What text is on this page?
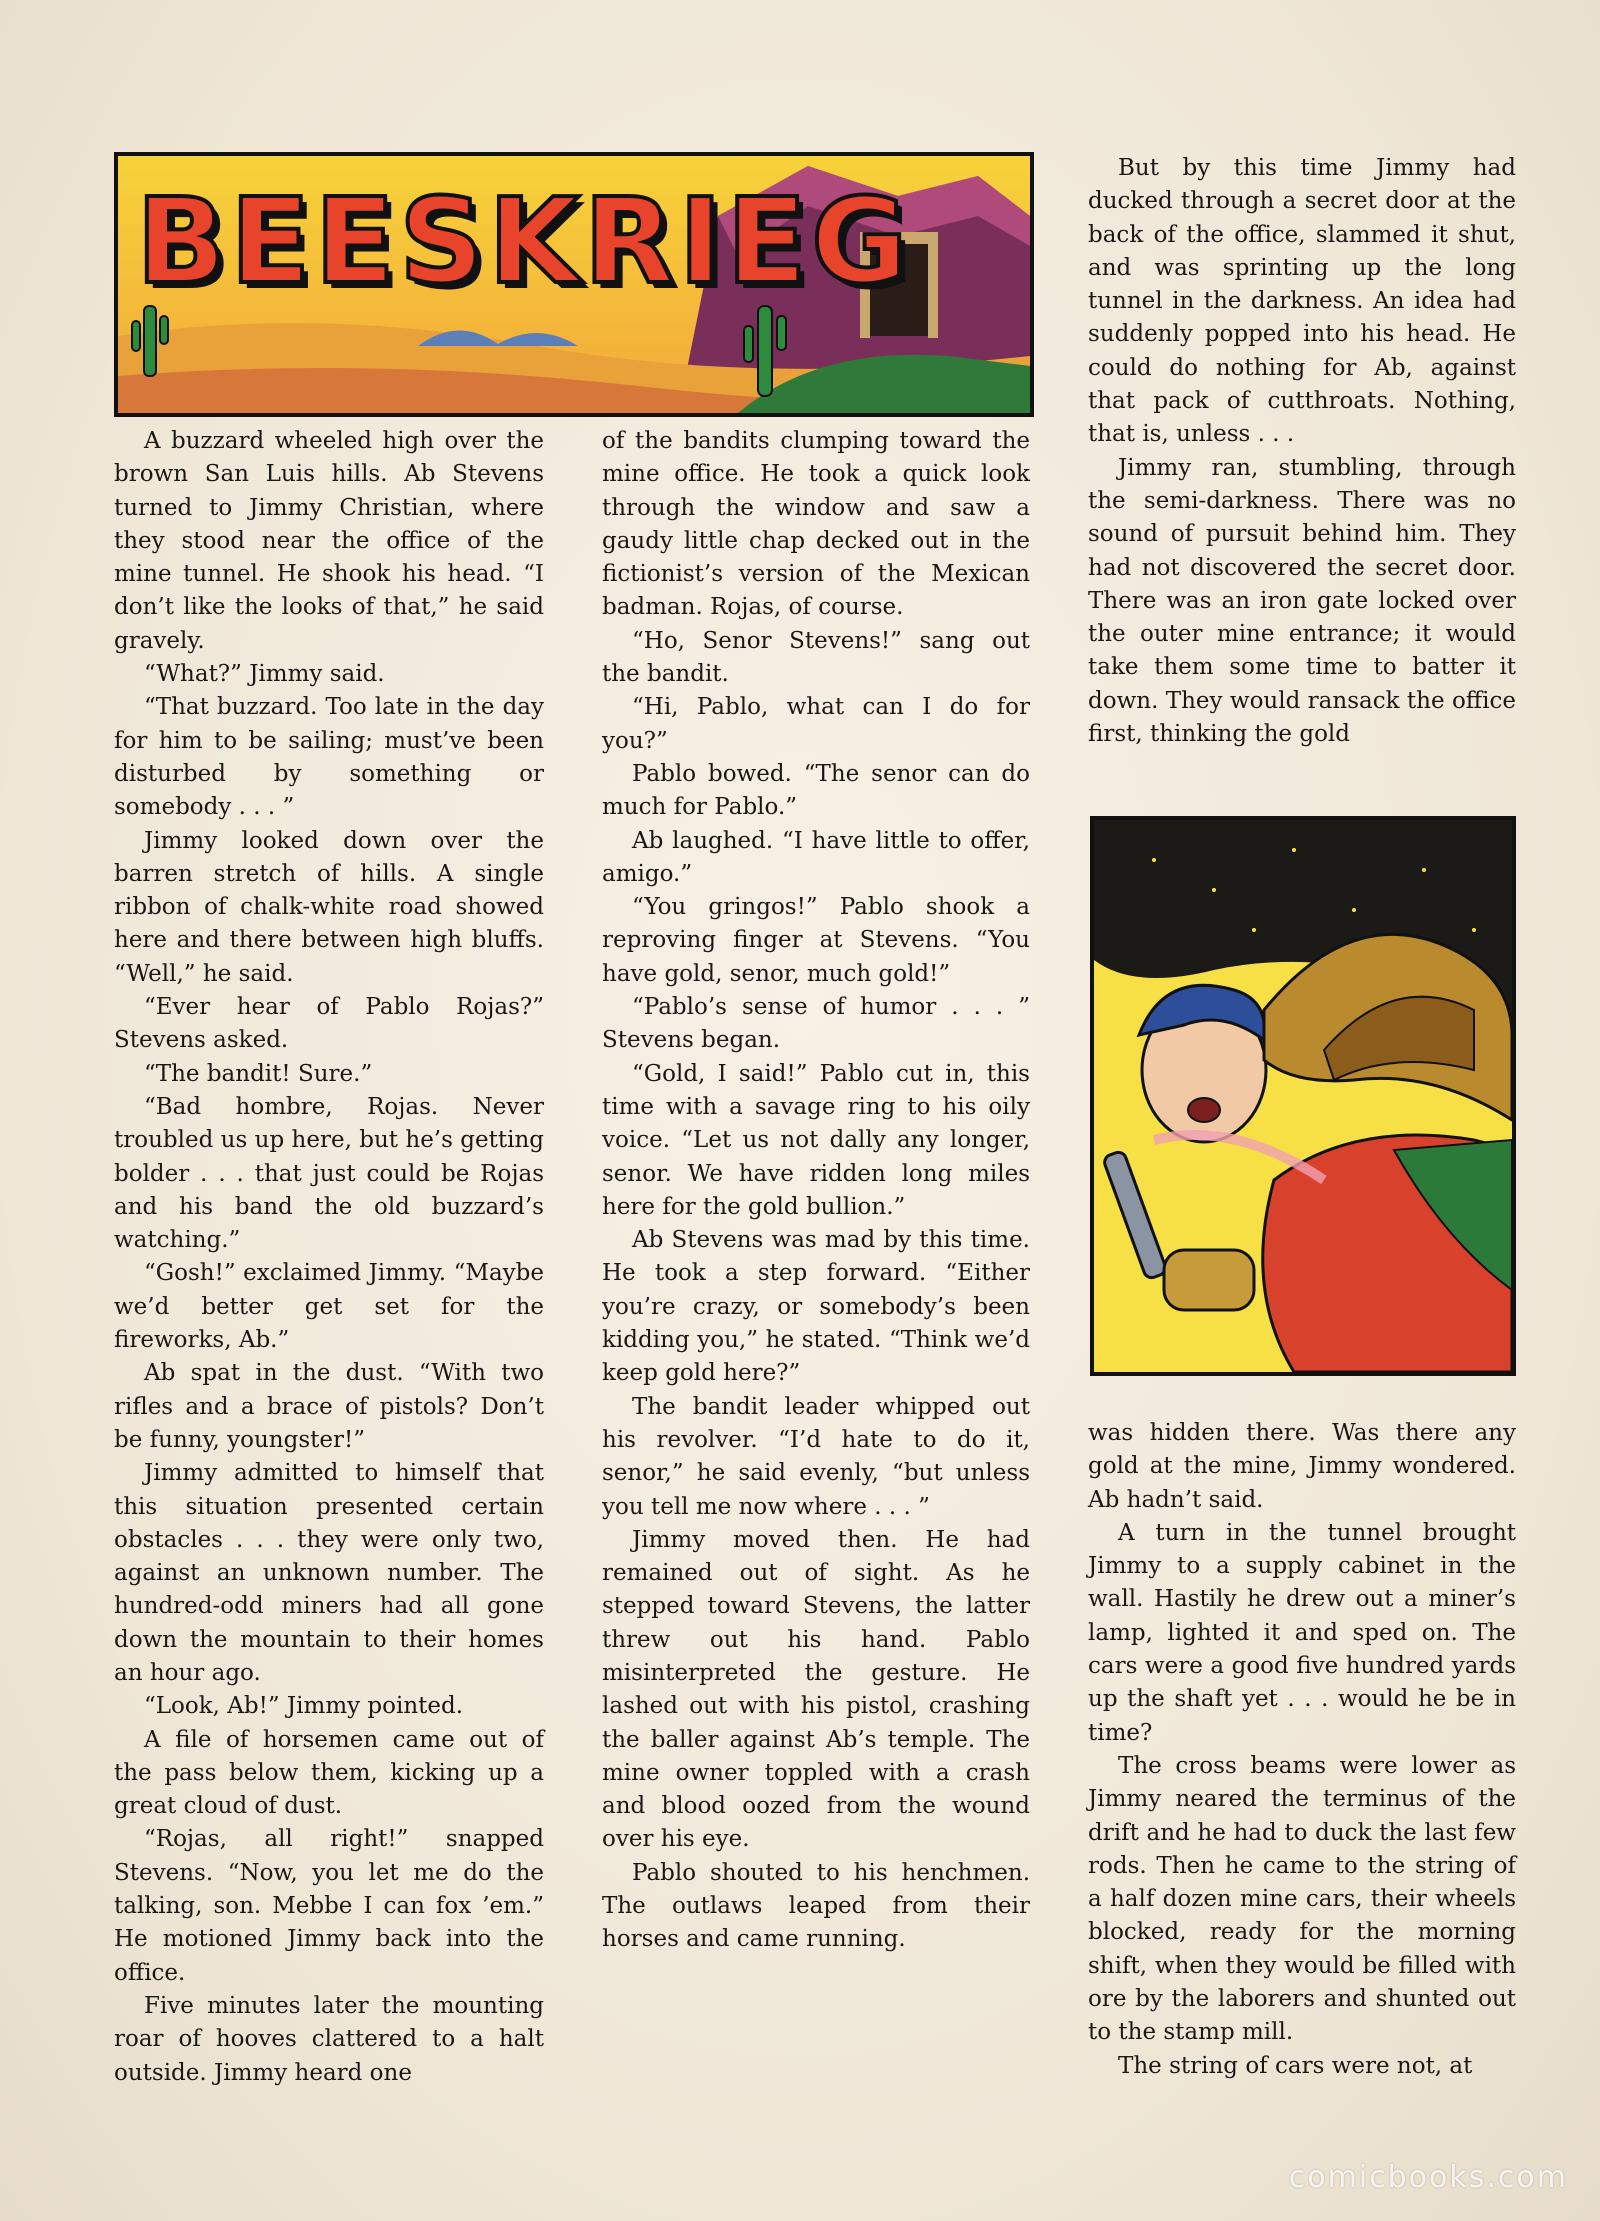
BEESKRIEG

A buzzard wheeled high over the brown San Luis hills. Ab Stevens turned to Jimmy Christian, where they stood near the office of the mine tunnel. He shook his head. “I don’t like the looks of that,” he said gravely.

“What?” Jimmy said.

“That buzzard. Too late in the day for him to be sailing; must’ve been disturbed by something or somebody . . . ”

Jimmy looked down over the barren stretch of hills. A single ribbon of chalk-white road showed here and there between high bluffs. “Well,” he said.

“Ever hear of Pablo Rojas?” Stevens asked.

“The bandit! Sure.”

“Bad hombre, Rojas. Never troubled us up here, but he’s getting bolder . . . that just could be Rojas and his band the old buzzard’s watching.”

“Gosh!” exclaimed Jimmy. “Maybe we’d better get set for the fireworks, Ab.”

Ab spat in the dust. “With two rifles and a brace of pistols? Don’t be funny, youngster!”

Jimmy admitted to himself that this situation presented certain obstacles . . . they were only two, against an unknown number. The hundred-odd miners had all gone down the mountain to their homes an hour ago.

“Look, Ab!” Jimmy pointed.

A file of horsemen came out of the pass below them, kicking up a great cloud of dust.

“Rojas, all right!” snapped Stevens. “Now, you let me do the talking, son. Mebbe I can fox ’em.” He motioned Jimmy back into the office.

Five minutes later the mounting roar of hooves clattered to a halt outside. Jimmy heard one

of the bandits clumping toward the mine office. He took a quick look through the window and saw a gaudy little chap decked out in the fictionist’s version of the Mexican badman. Rojas, of course.

“Ho, Senor Stevens!” sang out the bandit.

“Hi, Pablo, what can I do for you?”

Pablo bowed. “The senor can do much for Pablo.”

Ab laughed. “I have little to offer, amigo.”

“You gringos!” Pablo shook a reproving finger at Stevens. “You have gold, senor, much gold!”

“Pablo’s sense of humor . . . ” Stevens began.

“Gold, I said!” Pablo cut in, this time with a savage ring to his oily voice. “Let us not dally any longer, senor. We have ridden long miles here for the gold bullion.”

Ab Stevens was mad by this time. He took a step forward. “Either you’re crazy, or somebody’s been kidding you,” he stated. “Think we’d keep gold here?”

The bandit leader whipped out his revolver. “I’d hate to do it, senor,” he said evenly, “but unless you tell me now where . . . ”

Jimmy moved then. He had remained out of sight. As he stepped toward Stevens, the latter threw out his hand. Pablo misinterpreted the gesture. He lashed out with his pistol, crashing the baller against Ab’s temple. The mine owner toppled with a crash and blood oozed from the wound over his eye.

Pablo shouted to his henchmen. The outlaws leaped from their horses and came running.

But by this time Jimmy had ducked through a secret door at the back of the office, slammed it shut, and was sprinting up the long tunnel in the darkness. An idea had suddenly popped into his head. He could do nothing for Ab, against that pack of cutthroats. Nothing, that is, unless . . .

Jimmy ran, stumbling, through the semi-darkness. There was no sound of pursuit behind him. They had not discovered the secret door. There was an iron gate locked over the outer mine entrance; it would take them some time to batter it down. They would ransack the office first, thinking the gold

was hidden there. Was there any gold at the mine, Jimmy wondered. Ab hadn’t said.

A turn in the tunnel brought Jimmy to a supply cabinet in the wall. Hastily he drew out a miner’s lamp, lighted it and sped on. The cars were a good five hundred yards up the shaft yet . . . would he be in time?

The cross beams were lower as Jimmy neared the terminus of the drift and he had to duck the last few rods. Then he came to the string of a half dozen mine cars, their wheels blocked, ready for the morning shift, when they would be filled with ore by the laborers and shunted out to the stamp mill.

The string of cars were not, at

comicbooks.com
